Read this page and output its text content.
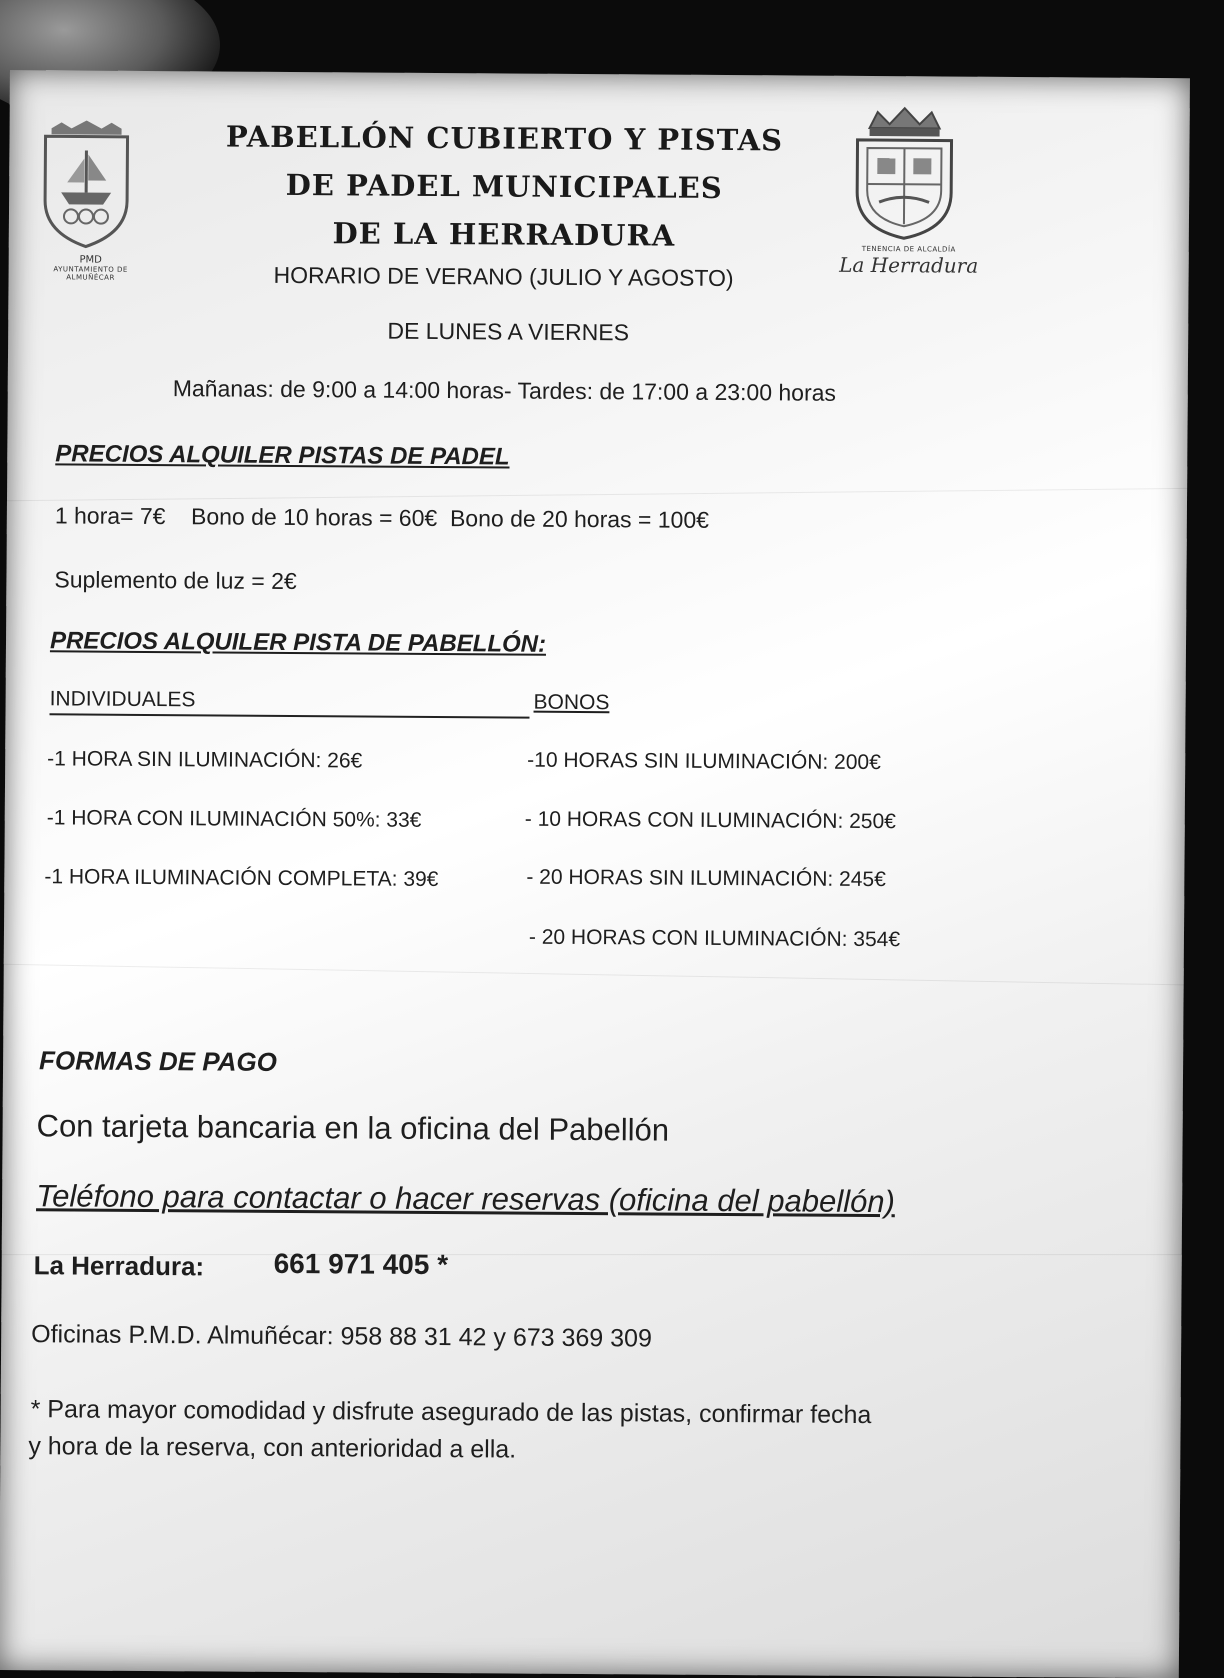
PMD
AYUNTAMIENTO DE ALMUÑÉCAR
TENENCIA DE ALCALDÍA
La Herradura
PABELLÓN CUBIERTO Y PISTAS
DE PADEL MUNICIPALES
DE LA HERRADURA
HORARIO DE VERANO (JULIO Y AGOSTO)
DE LUNES A VIERNES
Mañanas: de 9:00 a 14:00 horas- Tardes: de 17:00 a 23:00 horas
PRECIOS ALQUILER PISTAS DE PADEL
1 hora= 7€    Bono de 10 horas = 60€  Bono de 20 horas = 100€
Suplemento de luz = 2€
PRECIOS ALQUILER PISTA DE PABELLÓN:
INDIVIDUALES	BONOS
-1 HORA SIN ILUMINACIÓN: 26€
-1 HORA CON ILUMINACIÓN 50%: 33€
-1 HORA ILUMINACIÓN COMPLETA: 39€
-10 HORAS SIN ILUMINACIÓN: 200€
- 10 HORAS CON ILUMINACIÓN: 250€
- 20 HORAS SIN ILUMINACIÓN: 245€
- 20 HORAS CON ILUMINACIÓN: 354€
FORMAS DE PAGO
Con tarjeta bancaria en la oficina del Pabellón
Teléfono para contactar o hacer reservas (oficina del pabellón)
La Herradura: 661 971 405 *
Oficinas P.M.D. Almuñécar: 958 88 31 42 y 673 369 309
* Para mayor comodidad y disfrute asegurado de las pistas, confirmar fecha
y hora de la reserva, con anterioridad a ella.
